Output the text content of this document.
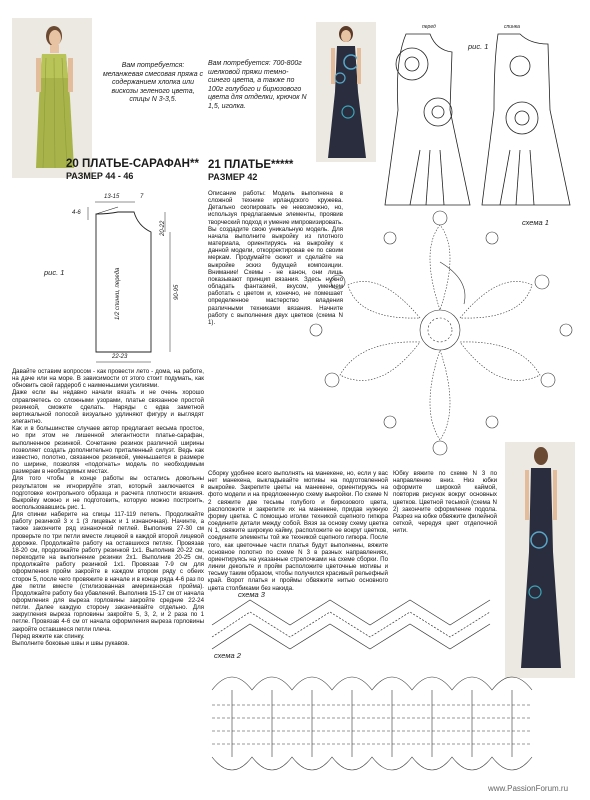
Вам потребуется: меланжевая смесовая пряжа с содержанием хлопка или вискозы зеленого цвета, спицы N 3-3,5.
20 ПЛАТЬЕ-САРАФАН**
РАЗМЕР 44 - 46
13-15	7
4-6
20-22
1/2 спинки, переда	90-95
22-23
рис. 1

Давайте оставим вопросом - как провести лето - дома, на работе, на даче или на море. В зависимости от этого стоит подумать, как обновить свой гардероб с наименьшими усилиями.

Даже если вы недавно начали вязать и не очень хорошо справляетесь со сложными узорами, платье связанное простой резинкой, сможете сделать. Наряды с едва заметной вертикальной полосой визуально удлиняют фигуру и выглядят элегантно.

Как и в большинстве случаев автор предлагает весьма простое, но при этом не лишенной элегантности платье-сарафан, выполненное резинкой. Сочетание резинок различной ширины позволяет создать дополнительно приталенный силуэт. Ведь как известно, полотно, связанное резинкой, уменьшается в размере по ширине, позволяя «подогнать» модель по необходимым размерам в необходимых местах.

Для того чтобы в конце работы вы остались довольны результатом не игнорируйте этап, который заключается в подготовке контрольного образца и расчета плотности вязания. Выкройку можно и не подготовить, которую можно построить, воспользовавшись рис. 1.

Для спинки наберите на спицы 117-119 петель. Продолжайте работу резинкой 3 х 1 (3 лицевых и 1 изнаночная). Начинте, а также закончите ряд изнаночной петлей. Выполнив 27-30 см проверьте по три петли вместе лицевой в каждой второй лицевой дорожке. Продолжайте работу на оставшихся петлях. Провязав 18-20 см, продолжайте работу резинкой 1х1. Выполнив 20-22 см, переходите на выполнение резинки 2х1. Выполнив 20-25 см, продолжайте работу резинкой 1х1. Провязав 7-9 см для оформления пройм закройте в каждом втором ряду с обеих сторон 5, после чего провяжите в начале и в конце ряда 4-6 раз по две петли вместе (стилизованная американская пройма). Продолжайте работу без убавлений. Выполнив 15-17 см от начала оформления для выреза горловины закройте средние 22-24 петли. Далее каждую сторону заканчивайте отдельно. Для закругления выреза горловины закройте 5, 3, 2, и 2 раза по 1 петле. Провязав 4-6 см от начала оформления выреза горловины закройте оставшиеся петли плеча.

Перед вяжите как спинку.

Выполните боковые швы и швы рукавов.

Вам потребуется: 700-800г шелковой пряжи темно-синего цвета, а также по 100г голубого и бирюзового цвета для отделки, крючок N 1,5, иголка.
21 ПЛАТЬЕ*****
РАЗМЕР 42
перед	спинка
рис. 1
схема 1

Описание работы: Модель выполнена в сложной технике ирландского кружева. Детально скопировать ее невозможно, но, используя предлагаемые элементы, проявив творческий подход и умение импровизировать. Вы создадите свою уникальную модель. Для начала выполните выкройку из плотного материала, ориентируясь на выкройку к данной модели, откорректировав ее по своим меркам. Продумайте сюжет и сделайте на выкройке эскиз будущей композиции. Внимание! Схемы - не канон, они лишь показывают принцип вязания. Здесь нужно обладать фантазией, вкусом, умением работать с цветом и, конечно, не помешает определенное мастерство владения различными техниками вязания. Начните работу с выполнения двух цветков (схема N 1).

Сборку удобнее всего выполнять на манекене, но, если у вас нет манекена, выкладывайте мотивы на подготовленной выкройке. Закрепите цветы на манекене, ориентируясь на фото модели и на предложенную схему выкройки. По схеме N 2 свяжите две тесьмы голубого и бирюзового цвета, расположите и закрепите их на манекене, придав нужную форму цветка. С помощью иголки техникой сцепного гипюра соедините детали между собой. Вязя за основу схему цветка N 1, свяжите широкую кайму, расположите ее вокруг цветков, соедините элементы той же техникой сцепного гипюра. После того, как цветочные части платья будут выполнены, вяжите основное полотно по схеме N 3 в разных направлениях, ориентируясь на указанные стрелочками на схеме сборки. По линии декольте и пройм расположите цветочные мотивы и тесьму таким образом, чтобы получился красивый рельефный край. Ворот платья и проймы обвяжите нитью основного цвета столбиками без накида.

Юбку вяжите по схеме N 3 по направлению вниз. Низ юбки оформите широкой каймой, повторив рисунок вокруг основных цветков. Цветной тесьмой (схема N 2) закончите оформление подола. Разрез на юбке обвяжите филейной сеткой, чередуя цвет отделочной нити.

схема 3
схема 2
www.PassionForum.ru
